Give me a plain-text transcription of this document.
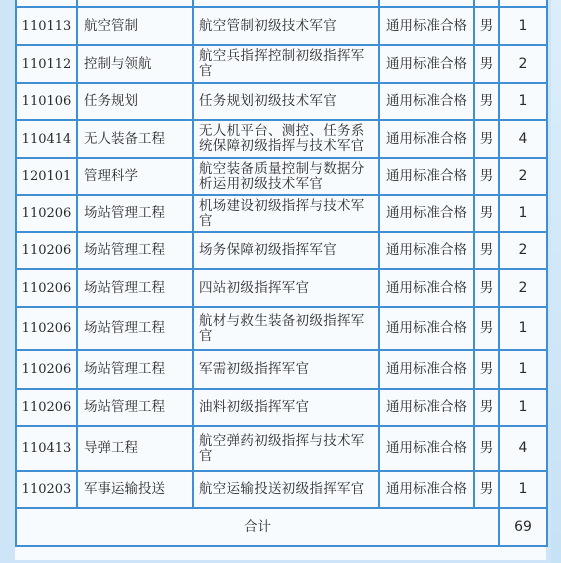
110113	航空管制	航空管制初级技术军官	通用标准合格	男	1
110112	控制与领航	航空兵指挥控制初级指挥军官	通用标准合格	男	2
110106	任务规划	任务规划初级技术军官	通用标准合格	男	1
110414	无人装备工程	无人机平台、测控、任务系统保障初级指挥与技术军官	通用标准合格	男	4
120101	管理科学	航空装备质量控制与数据分析运用初级技术军官	通用标准合格	男	2
110206	场站管理工程	机场建设初级指挥与技术军官	通用标准合格	男	1
110206	场站管理工程	场务保障初级指挥军官	通用标准合格	男	2
110206	场站管理工程	四站初级指挥军官	通用标准合格	男	2
110206	场站管理工程	航材与救生装备初级指挥军官	通用标准合格	男	1
110206	场站管理工程	军需初级指挥军官	通用标准合格	男	1
110206	场站管理工程	油料初级指挥军官	通用标准合格	男	1
110413	导弹工程	航空弹药初级指挥与技术军官	通用标准合格	男	4
110203	军事运输投送	航空运输投送初级指挥军官	通用标准合格	男	1
合计					69
